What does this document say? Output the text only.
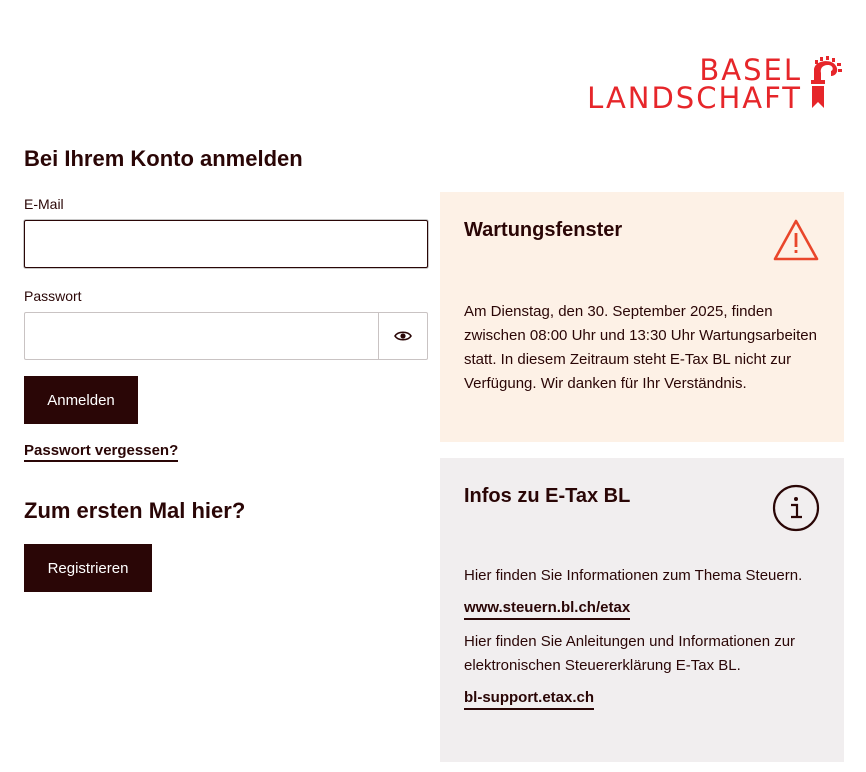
BASEL
LANDSCHAFT
Bei Ihrem Konto anmelden
E-Mail
Passwort
Anmelden
Passwort vergessen?
Zum ersten Mal hier?
Registrieren
Wartungsfenster

Am Dienstag, den 30. September 2025, finden zwischen 08:00 Uhr und 13:30 Uhr Wartungsarbeiten statt. In diesem Zeitraum steht E-Tax BL nicht zur Verfügung. Wir danken für Ihr Verständnis.

Infos zu E-Tax BL

Hier finden Sie Informationen zum Thema Steuern.

www.steuern.bl.ch/etax

Hier finden Sie Anleitungen und Informationen zur elektronischen Steuererklärung E-Tax BL.

bl-support.etax.ch
